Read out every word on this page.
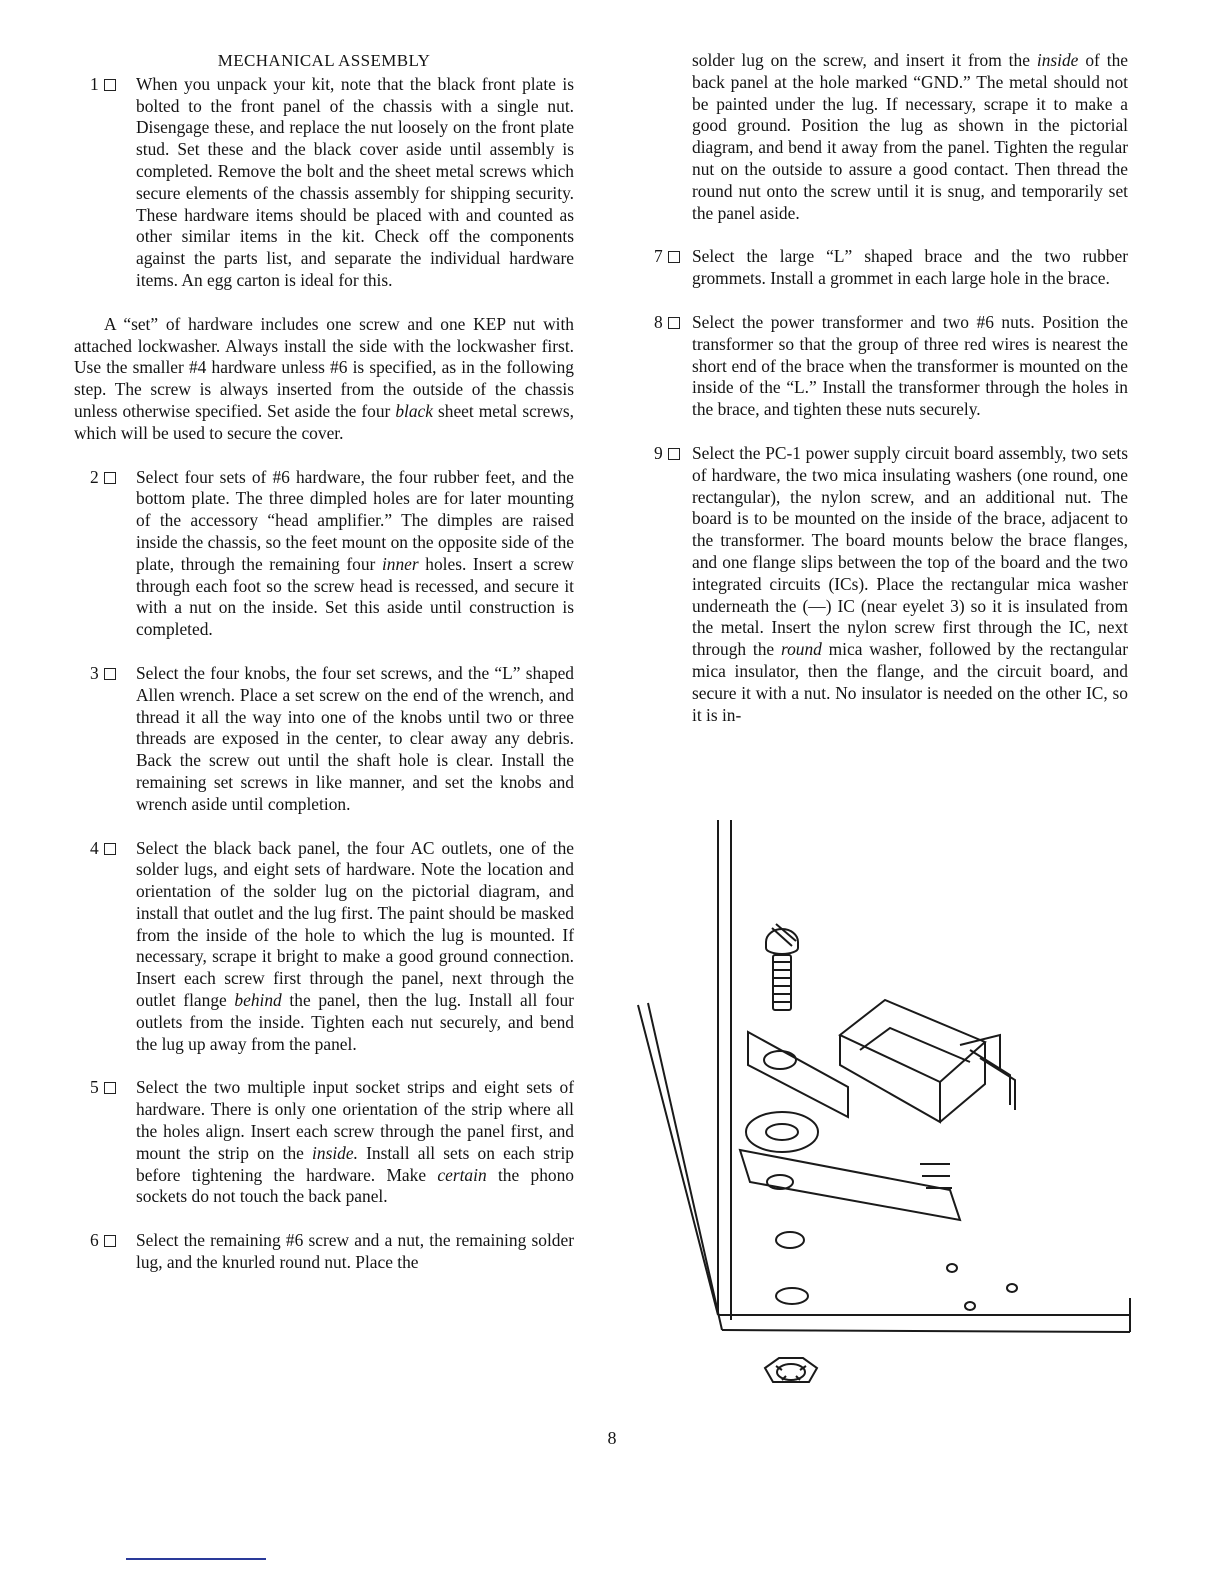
MECHANICAL ASSEMBLY
1	When you unpack your kit, note that the black front plate is bolted to the front panel of the chassis with a single nut. Disengage these, and replace the nut loosely on the front plate stud. Set these and the black cover aside until assembly is completed. Remove the bolt and the sheet metal screws which secure elements of the chassis assembly for shipping security. These hardware items should be placed with and counted as other similar items in the kit. Check off the components against the parts list, and separate the individual hardware items. An egg carton is ideal for this.
A “set” of hardware includes one screw and one KEP nut with attached lockwasher. Always install the side with the lockwasher first. Use the smaller #4 hardware unless #6 is specified, as in the following step. The screw is always inserted from the outside of the chassis unless otherwise specified. Set aside the four black sheet metal screws, which will be used to secure the cover.
2	Select four sets of #6 hardware, the four rubber feet, and the bottom plate. The three dimpled holes are for later mounting of the accessory “head amplifier.” The dimples are raised inside the chassis, so the feet mount on the opposite side of the plate, through the remaining four inner holes. Insert a screw through each foot so the screw head is recessed, and secure it with a nut on the inside. Set this aside until construction is completed.
3	Select the four knobs, the four set screws, and the “L” shaped Allen wrench. Place a set screw on the end of the wrench, and thread it all the way into one of the knobs until two or three threads are exposed in the center, to clear away any debris. Back the screw out until the shaft hole is clear. Install the remaining set screws in like manner, and set the knobs and wrench aside until completion.
4	Select the black back panel, the four AC outlets, one of the solder lugs, and eight sets of hardware. Note the location and orientation of the solder lug on the pictorial diagram, and install that outlet and the lug first. The paint should be masked from the inside of the hole to which the lug is mounted. If necessary, scrape it bright to make a good ground connection. Insert each screw first through the panel, next through the outlet flange behind the panel, then the lug. Install all four outlets from the inside. Tighten each nut securely, and bend the lug up away from the panel.
5	Select the two multiple input socket strips and eight sets of hardware. There is only one orientation of the strip where all the holes align. Insert each screw through the panel first, and mount the strip on the inside. Install all sets on each strip before tightening the hardware. Make certain the phono sockets do not touch the back panel.
6	Select the remaining #6 screw and a nut, the remaining solder lug, and the knurled round nut. Place the
solder lug on the screw, and insert it from the inside of the back panel at the hole marked “GND.” The metal should not be painted under the lug. If necessary, scrape it to make a good ground. Position the lug as shown in the pictorial diagram, and bend it away from the panel. Tighten the regular nut on the outside to assure a good contact. Then thread the round nut onto the screw until it is snug, and temporarily set the panel aside.
7	Select the large “L” shaped brace and the two rubber grommets. Install a grommet in each large hole in the brace.
8	Select the power transformer and two #6 nuts. Position the transformer so that the group of three red wires is nearest the short end of the brace when the transformer is mounted on the inside of the “L.” Install the transformer through the holes in the brace, and tighten these nuts securely.
9	Select the PC-1 power supply circuit board assembly, two sets of hardware, the two mica insulating washers (one round, one rectangular), the nylon screw, and an additional nut. The board is to be mounted on the inside of the brace, adjacent to the transformer. The board mounts below the brace flanges, and one flange slips between the top of the board and the two integrated circuits (ICs). Place the rectangular mica washer underneath the (—) IC (near eyelet 3) so it is insulated from the metal. Insert the nylon screw first through the IC, next through the round mica washer, followed by the rectangular mica insulator, then the flange, and the circuit board, and secure it with a nut. No insulator is needed on the other IC, so it is in-
8
